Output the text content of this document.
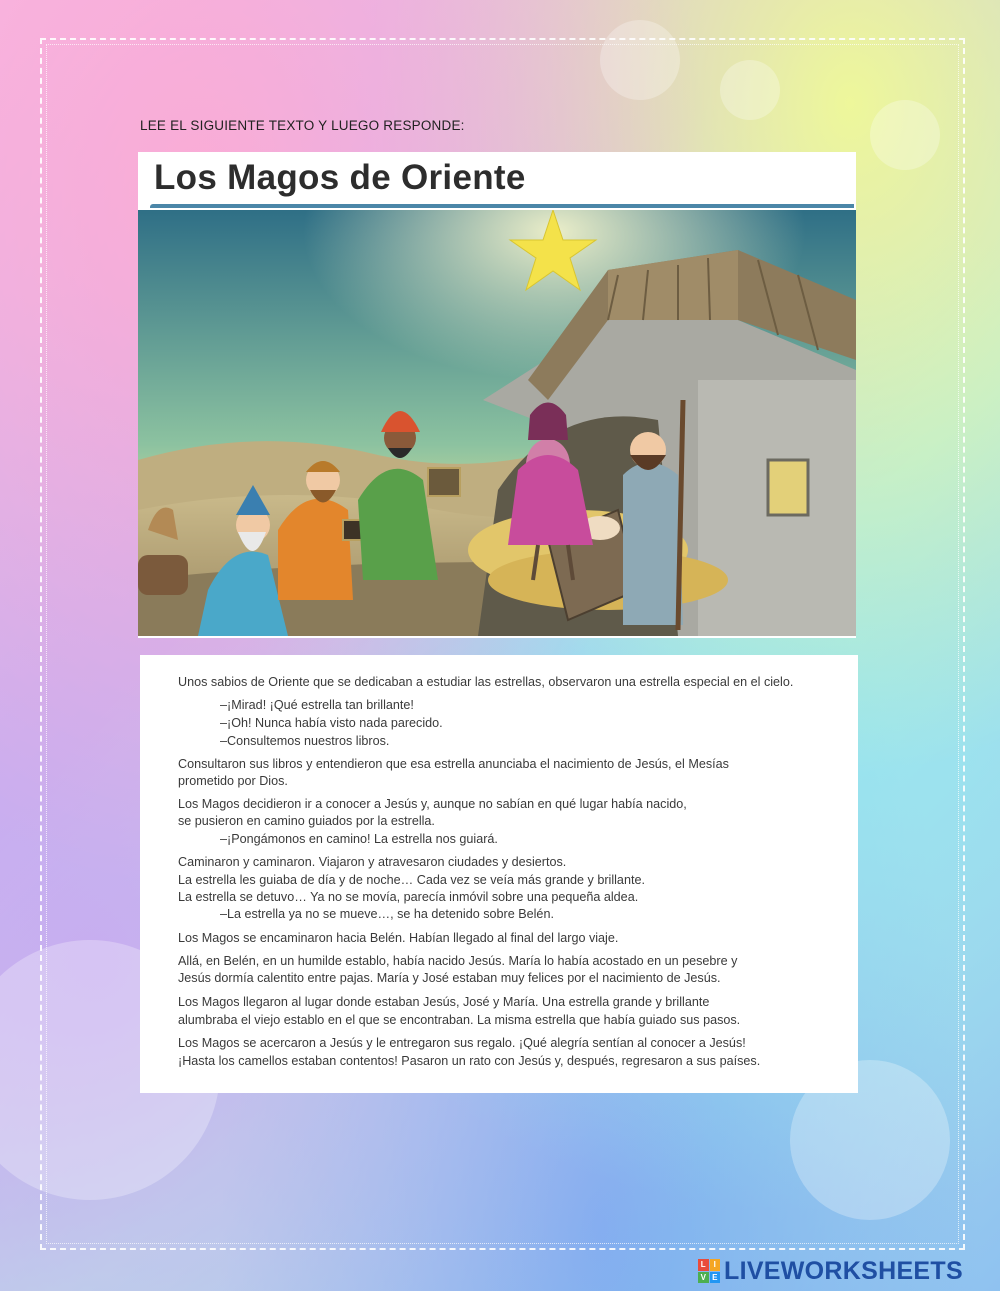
LEE EL SIGUIENTE TEXTO Y LUEGO RESPONDE:
Los Magos de Oriente
Unos sabios de Oriente que se dedicaban a estudiar las estrellas, observaron una estrella especial en el cielo.
–¡Mirad! ¡Qué estrella tan brillante!
–¡Oh! Nunca había visto nada parecido.
–Consultemos nuestros libros.
Consultaron sus libros y entendieron que esa estrella anunciaba el nacimiento de Jesús, el Mesías
prometido por Dios.
Los Magos decidieron ir a conocer a Jesús y, aunque no sabían en qué lugar había nacido,
se pusieron en camino guiados por la estrella.
–¡Pongámonos en camino! La estrella nos guiará.
Caminaron y caminaron. Viajaron y atravesaron ciudades y desiertos.
La estrella les guiaba de día y de noche… Cada vez se veía más grande y brillante.
La estrella se detuvo… Ya no se movía, parecía inmóvil sobre una pequeña aldea.
–La estrella ya no se mueve…, se ha detenido sobre Belén.
Los Magos se encaminaron hacia Belén. Habían llegado al final del largo viaje.
Allá, en Belén, en un humilde establo, había nacido Jesús. María lo había acostado en un pesebre y
Jesús dormía calentito entre pajas. María y José estaban muy felices por el nacimiento de Jesús.
Los Magos llegaron al lugar donde estaban Jesús, José y María. Una estrella grande y brillante
alumbraba el viejo establo en el que se encontraban. La misma estrella que había guiado sus pasos.
Los Magos se acercaron a Jesús y le entregaron sus regalo. ¡Qué alegría sentían al conocer a Jesús!
¡Hasta los camellos estaban contentos! Pasaron un rato con Jesús y, después, regresaron a sus países.
L I
V E LIVEWORKSHEETS
